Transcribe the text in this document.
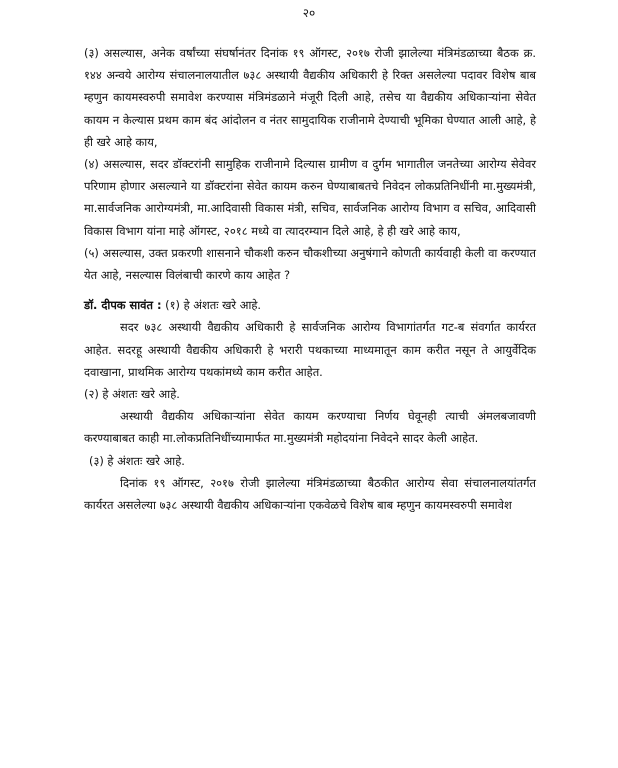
२०

(३) असल्यास, अनेक वर्षांच्या संघर्षानंतर दिनांक १९ ऑगस्ट, २०१७ रोजी झालेल्या मंत्रिमंडळाच्या बैठक क्र. १४४ अन्वये आरोग्य संचालनालयातील ७३८ अस्थायी वैद्यकीय अधिकारी हे रिक्त असलेल्या पदावर विशेष बाब म्हणुन कायमस्वरुपी समावेश करण्यास मंत्रिमंडळाने मंजूरी दिली आहे, तसेच या वैद्यकीय अधिकाऱ्यांना सेवेत कायम न केल्यास प्रथम काम बंद आंदोलन व नंतर सामुदायिक राजीनामे देण्याची भूमिका घेण्यात आली आहे, हे ही खरे आहे काय,

(४) असल्यास, सदर डॉक्टरांनी सामुहिक राजीनामे दिल्यास ग्रामीण व दुर्गम भागातील जनतेच्या आरोग्य सेवेवर परिणाम होणार असल्याने या डॉक्टरांना सेवेत कायम करुन घेण्याबाबतचे निवेदन लोकप्रतिनिधींनी मा.मुख्यमंत्री, मा.सार्वजनिक आरोग्यमंत्री, मा.आदिवासी विकास मंत्री, सचिव, सार्वजनिक आरोग्य विभाग व सचिव, आदिवासी विकास विभाग यांना माहे ऑगस्ट, २०१८ मध्ये वा त्यादरम्यान दिले आहे, हे ही खरे आहे काय,

(५) असल्यास, उक्त प्रकरणी शासनाने चौकशी करुन चौकशीच्या अनुषंगाने कोणती कार्यवाही केली वा करण्यात येत आहे, नसल्यास विलंबाची कारणे काय आहेत ?

डॉ. दीपक सावंत : (१) हे अंशतः खरे आहे.

सदर ७३८ अस्थायी वैद्यकीय अधिकारी हे सार्वजनिक आरोग्य विभागांतर्गत गट-ब संवर्गात कार्यरत आहेत. सदरहू अस्थायी वैद्यकीय अधिकारी हे भरारी पथकाच्या माध्यमातून काम करीत नसून ते आयुर्वेदिक दवाखाना, प्राथमिक आरोग्य पथकांमध्ये काम करीत आहेत.

(२) हे अंशतः खरे आहे.

अस्थायी वैद्यकीय अधिकाऱ्यांना सेवेत कायम करण्याचा निर्णय घेवूनही त्याची अंमलबजावणी करण्याबाबत काही मा.लोकप्रतिनिधींच्यामार्फत मा.मुख्यमंत्री महोदयांना निवेदने सादर केली आहेत.

(३) हे अंशतः खरे आहे.

दिनांक १९ ऑगस्ट, २०१७ रोजी झालेल्या मंत्रिमंडळाच्या बैठकीत आरोग्य सेवा संचालनालयांतर्गत कार्यरत असलेल्या ७३८ अस्थायी वैद्यकीय अधिकाऱ्यांना एकवेळचे विशेष बाब म्हणुन कायमस्वरुपी समावेश
